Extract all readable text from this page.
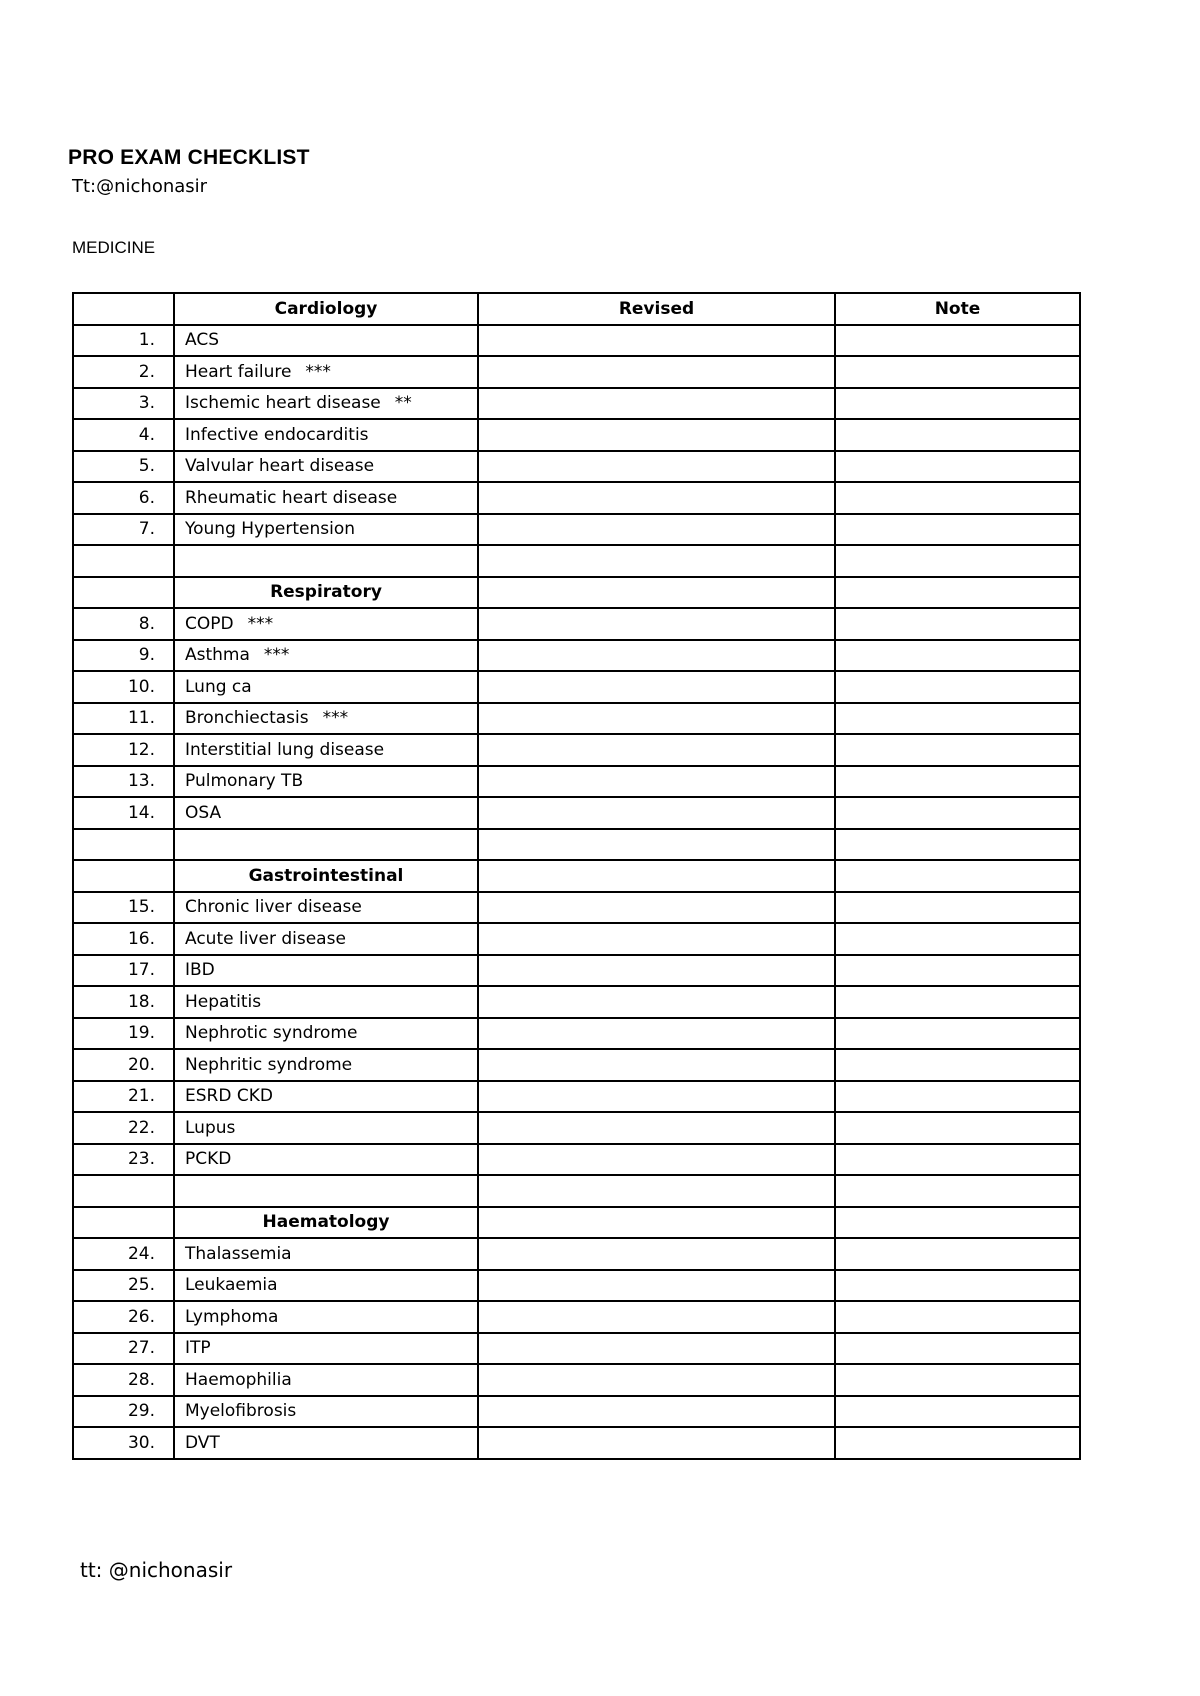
PRO EXAM CHECKLIST
Tt:@nichonasir
MEDICINE
	Cardiology	Revised	Note
1.	ACS		
2.	Heart failure ***		
3.	Ischemic heart disease **		
4.	Infective endocarditis		
5.	Valvular heart disease		
6.	Rheumatic heart disease		
7.	Young Hypertension		

	Respiratory		
8.	COPD ***		
9.	Asthma ***		
10.	Lung ca		
11.	Bronchiectasis ***		
12.	Interstitial lung disease		
13.	Pulmonary TB		
14.	OSA		

	Gastrointestinal		
15.	Chronic liver disease		
16.	Acute liver disease		
17.	IBD		
18.	Hepatitis		
19.	Nephrotic syndrome		
20.	Nephritic syndrome		
21.	ESRD CKD		
22.	Lupus		
23.	PCKD		

	Haematology		
24.	Thalassemia		
25.	Leukaemia		
26.	Lymphoma		
27.	ITP		
28.	Haemophilia		
29.	Myelofibrosis		
30.	DVT		
tt: @nichonasir
